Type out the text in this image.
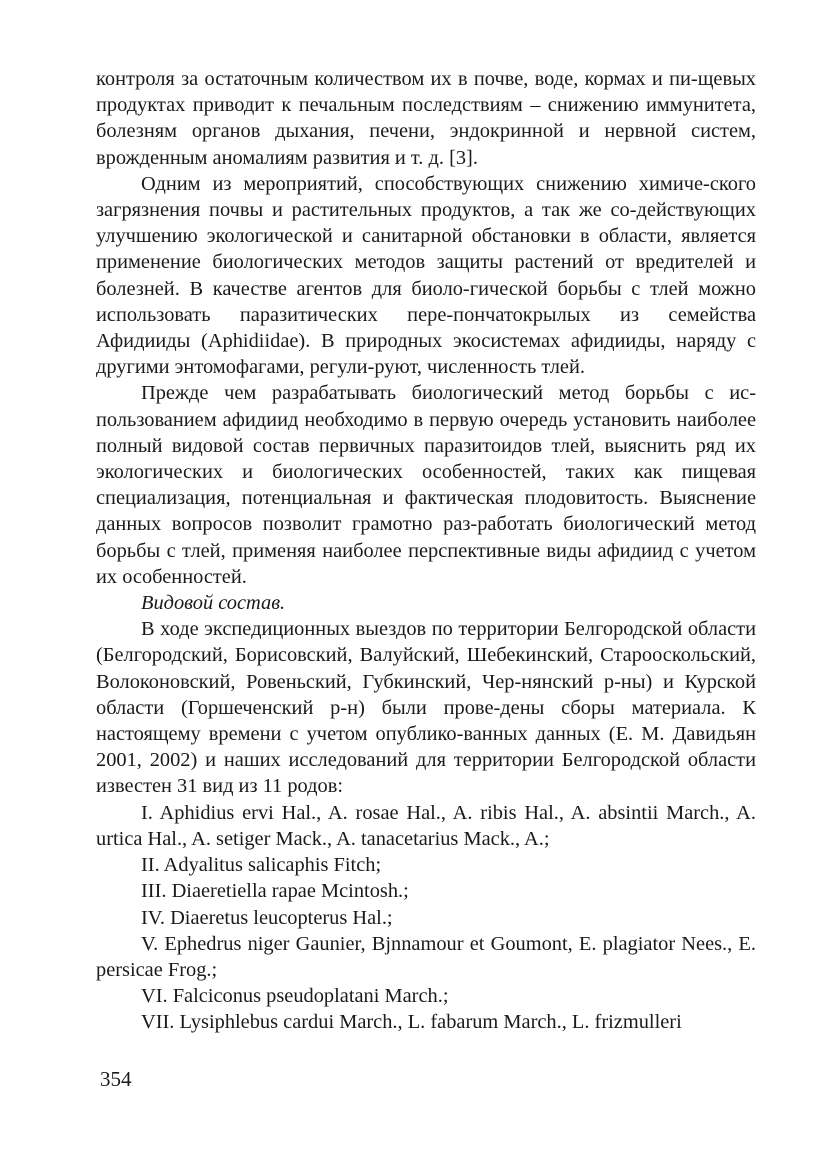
контроля за остаточным количеством их в почве, воде, кормах и пи-щевых продуктах приводит к печальным последствиям – снижению иммунитета, болезням органов дыхания, печени, эндокринной и нервной систем, врожденным аномалиям развития и т. д. [3].

Одним из мероприятий, способствующих снижению химиче-ского загрязнения почвы и растительных продуктов, а так же со-действующих улучшению экологической и санитарной обстановки в области, является применение биологических методов защиты растений от вредителей и болезней. В качестве агентов для биоло-гической борьбы с тлей можно использовать паразитических пере-пончатокрылых из семейства Афидииды (Aphidiidae). В природных экосистемах афидииды, наряду с другими энтомофагами, регули-руют, численность тлей.

Прежде чем разрабатывать биологический метод борьбы с ис-пользованием афидиид необходимо в первую очередь установить наиболее полный видовой состав первичных паразитоидов тлей, выяснить ряд их экологических и биологических особенностей, таких как пищевая специализация, потенциальная и фактическая плодовитость. Выяснение данных вопросов позволит грамотно раз-работать биологический метод борьбы с тлей, применяя наиболее перспективные виды афидиид с учетом их особенностей.

Видовой состав.

В ходе экспедиционных выездов по территории Белгородской области (Белгородский, Борисовский, Валуйский, Шебекинский, Старооскольский, Волоконовский, Ровеньский, Губкинский, Чер-нянский р-ны) и Курской области (Горшеченский р-н) были прове-дены сборы материала. К настоящему времени с учетом опублико-ванных данных (Е. М. Давидьян 2001, 2002) и наших исследований для территории Белгородской области известен 31 вид из 11 родов:

I. Aphidius ervi Hal., A. rosae Hal., A. ribis Hal., A. absintii March., A. urtica Hal., A. setiger Mack., A. tanacetarius Mack., A.;

II. Adyalitus salicaphis Fitch;

III. Diaeretiella rapae Mcintosh.;

IV. Diaeretus leucopterus Hal.;

V. Ephedrus niger Gaunier, Bjnnamour et Goumont, E. plagiator Nees., E. persicae Frog.;

VI. Falciconus pseudoplatani March.;

VII. Lysiphlebus cardui March., L. fabarum March., L. frizmulleri

354
